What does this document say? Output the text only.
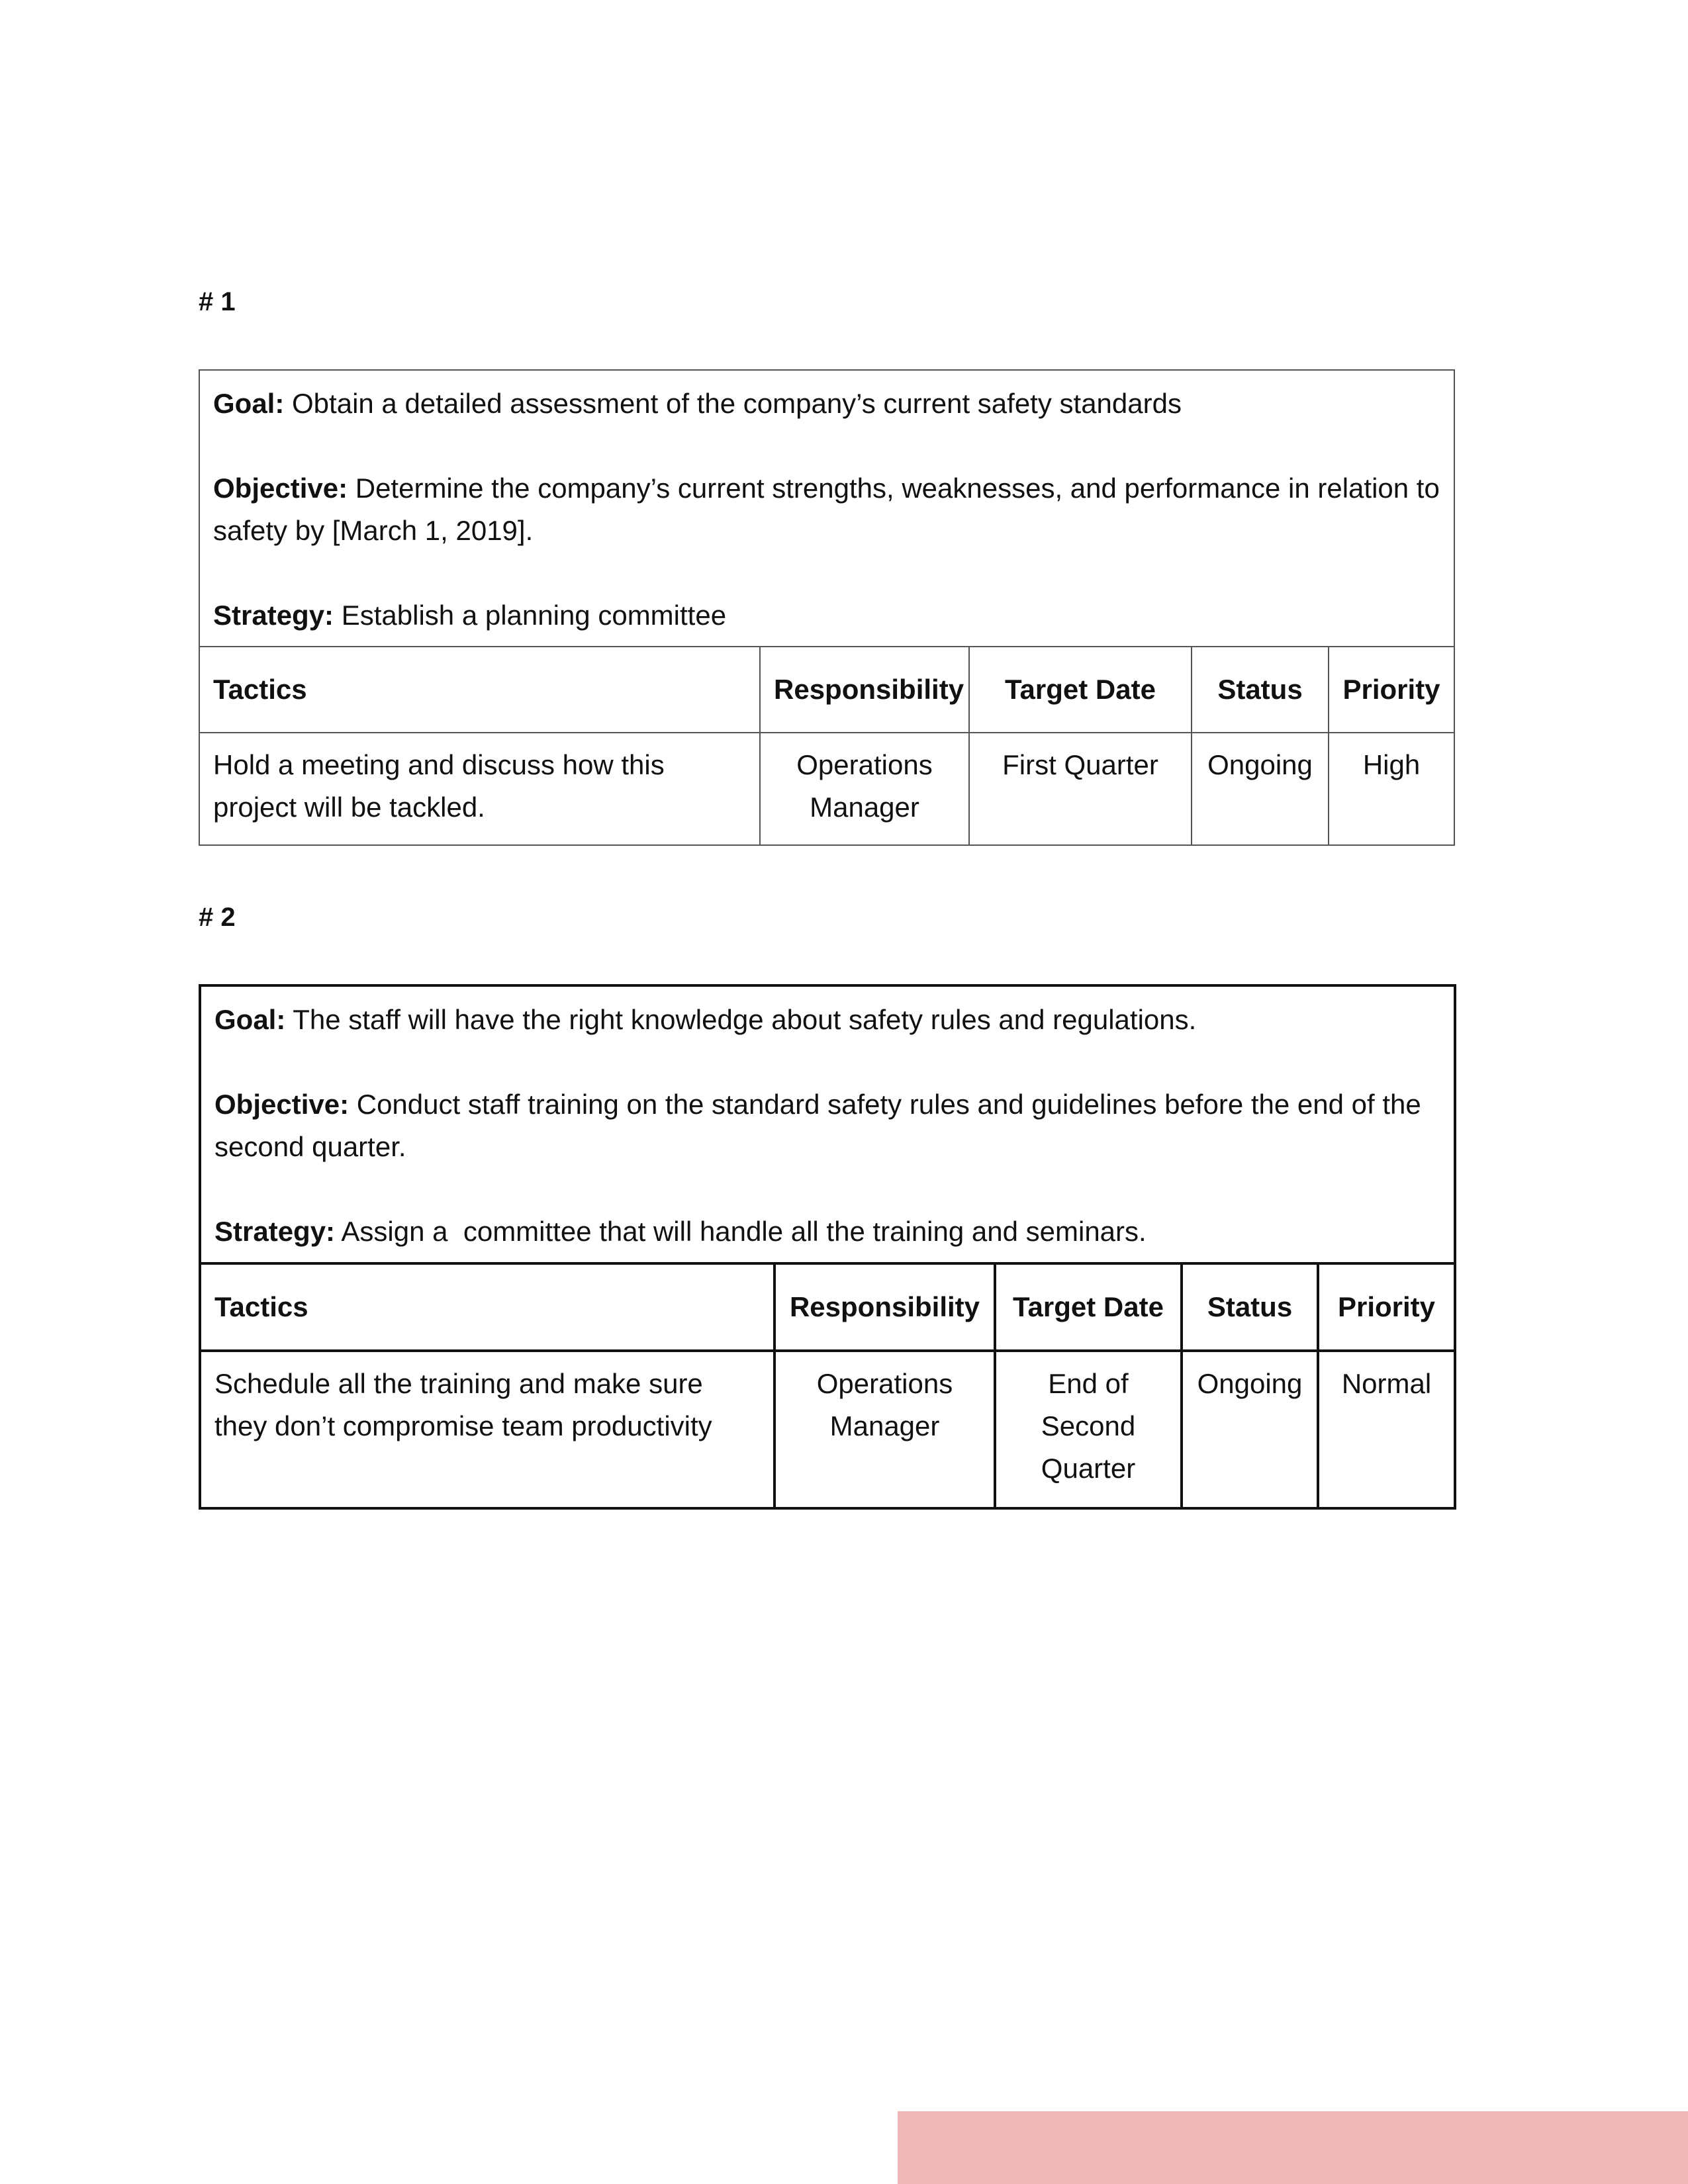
# 1

Goal: Obtain a detailed assessment of the company’s current safety standards

Objective: Determine the company’s current strengths, weaknesses, and performance in relation to safety by [March 1, 2019].

Strategy: Establish a planning committee				

Tactics	Responsibility	Target Date	Status	Priority
Hold a meeting and discuss how this project will be tackled.	Operations Manager	First Quarter	Ongoing	High
# 2

Goal: The staff will have the right knowledge about safety rules and regulations.

Objective: Conduct staff training on the standard safety rules and guidelines before the end of the second quarter.

Strategy: Assign a  committee that will handle all the training and seminars.				

Tactics	Responsibility	Target Date	Status	Priority
Schedule all the training and make sure they don’t compromise team productivity	Operations Manager	End of Second Quarter	Ongoing	Normal
